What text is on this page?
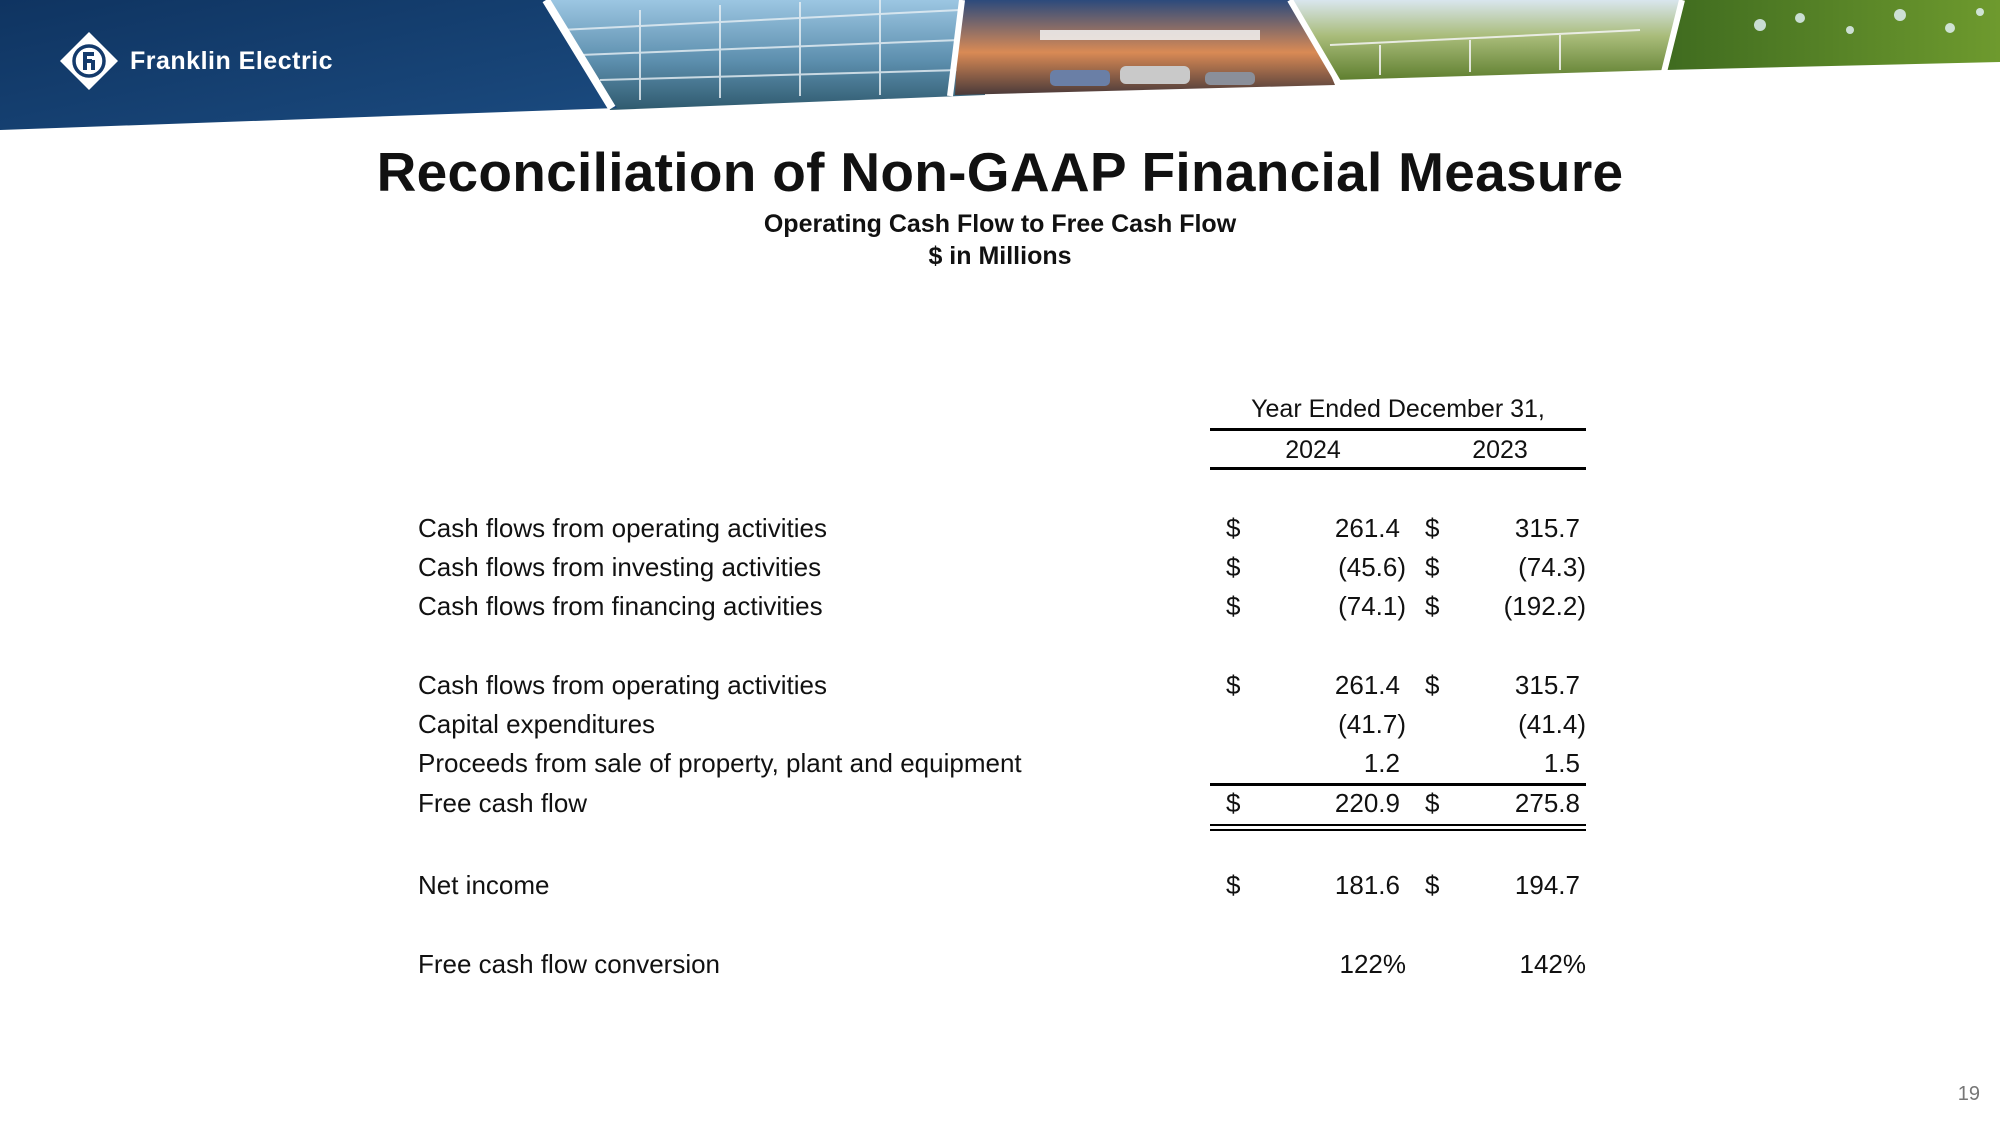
Franklin Electric
Reconciliation of Non-GAAP Financial Measure
Operating Cash Flow to Free Cash Flow
$ in Millions
Year Ended December 31,
2024	2023
Cash flows from operating activities	$	261.4 $	315.7
Cash flows from investing activities	$	(45.6) $	(74.3)
Cash flows from financing activities	$	(74.1) $	(192.2)
Cash flows from operating activities	$	261.4 $	315.7
Capital expenditures	(41.7)	(41.4)
Proceeds from sale of property, plant and equipment	1.2	1.5
Free cash flow	$	220.9 $	275.8
Net income	$	181.6 $	194.7
Free cash flow conversion	122%	142%
19
